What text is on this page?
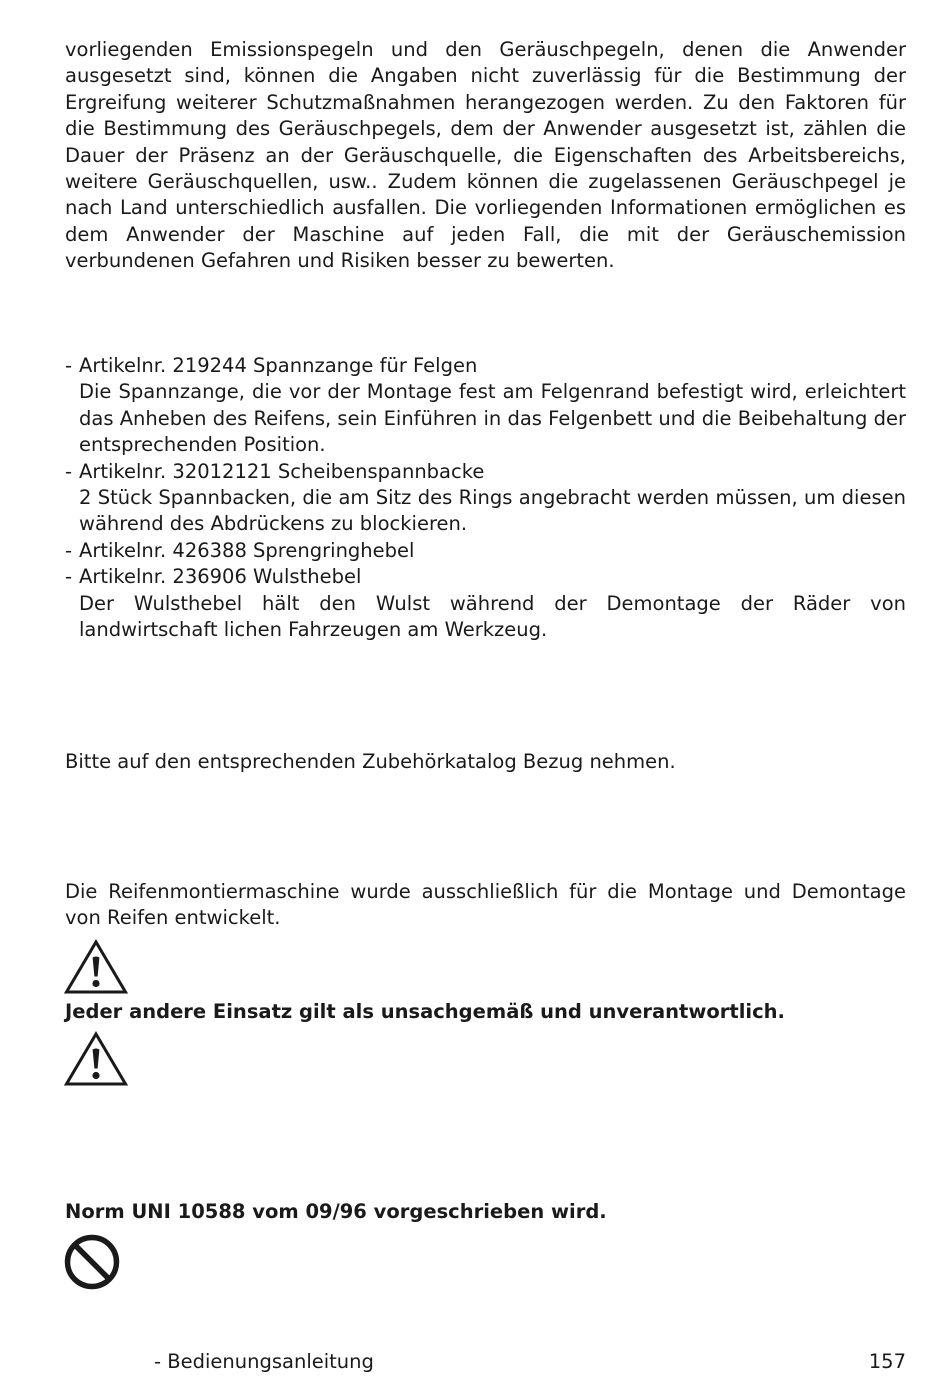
vorliegenden Emissionspegeln und den Geräuschpegeln, denen die Anwender ausgesetzt sind, können die Angaben nicht zuverlässig für die Bestimmung der Ergreifung weiterer Schutzmaßnahmen herangezogen werden. Zu den Faktoren für die Bestimmung des Geräuschpegels, dem der Anwender ausgesetzt ist, zählen die Dauer der Präsenz an der Geräuschquelle, die Eigenschaften des Arbeitsbereichs, weitere Geräuschquellen, usw.. Zudem können die zugelassenen Geräuschpegel je nach Land unterschiedlich ausfallen. Die vorliegenden Informationen ermöglichen es dem Anwender der Maschine auf jeden Fall, die mit der Geräuschemission verbundenen Gefahren und Risiken besser zu bewerten.

- Artikelnr. 219244 Spannzange für Felgen
Die Spannzange, die vor der Montage fest am Felgenrand befestigt wird, erleichtert das Anheben des Reifens, sein Einführen in das Felgenbett und die Beibehaltung der entsprechenden Position.
- Artikelnr. 32012121 Scheibenspannbacke
2 Stück Spannbacken, die am Sitz des Rings angebracht werden müssen, um diesen während des Abdrückens zu blockieren.
- Artikelnr. 426388 Sprengringhebel
- Artikelnr. 236906 Wulsthebel
Der Wulsthebel hält den Wulst während der Demontage der Räder von landwirtschaft lichen Fahrzeugen am Werkzeug.

Bitte auf den entsprechenden Zubehörkatalog Bezug nehmen.

Die Reifenmontiermaschine wurde ausschließlich für die Montage und Demontage von Reifen entwickelt.

Jeder andere Einsatz gilt als unsachgemäß und unverantwortlich.

Norm UNI 10588 vom 09/96 vorgeschrieben wird.

- Bedienungsanleitung	157
